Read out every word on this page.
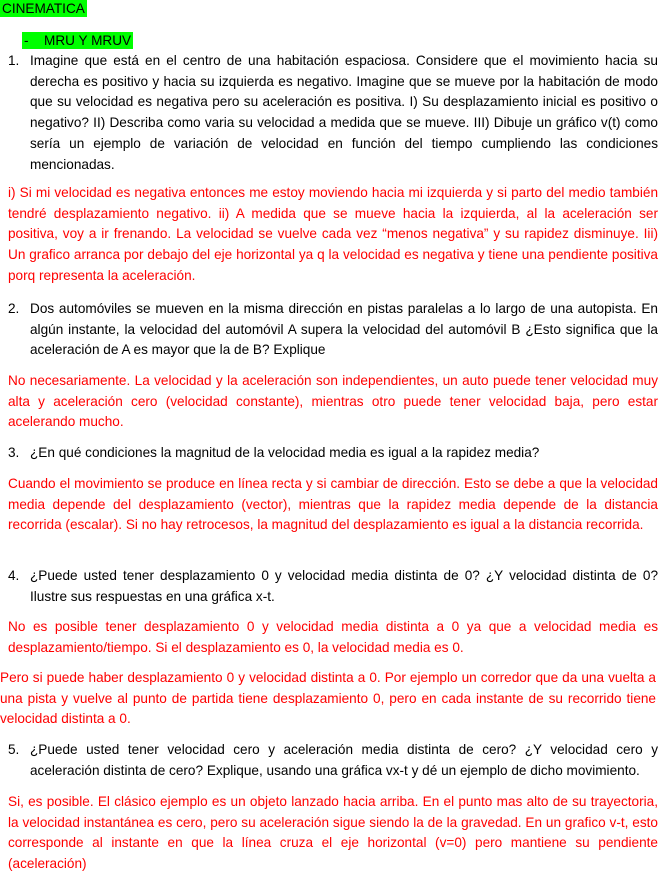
CINEMATICA
- MRU Y MRUV
1. Imagine que está en el centro de una habitación espaciosa. Considere que el movimiento hacia su derecha es positivo y hacia su izquierda es negativo. Imagine que se mueve por la habitación de modo que su velocidad es negativa pero su aceleración es positiva. I) Su desplazamiento inicial es positivo o negativo? II) Describa como varia su velocidad a medida que se mueve. III) Dibuje un gráfico v(t) como sería un ejemplo de variación de velocidad en función del tiempo cumpliendo las condiciones mencionadas.
i) Si mi velocidad es negativa entonces me estoy moviendo hacia mi izquierda y si parto del medio también tendré desplazamiento negativo. ii) A medida que se mueve hacia la izquierda, al la aceleración ser positiva, voy a ir frenando. La velocidad se vuelve cada vez “menos negativa” y su rapidez disminuye. Iii) Un grafico arranca por debajo del eje horizontal ya q la velocidad es negativa y tiene una pendiente positiva porq representa la aceleración.
2. Dos automóviles se mueven en la misma dirección en pistas paralelas a lo largo de una autopista. En algún instante, la velocidad del automóvil A supera la velocidad del automóvil B ¿Esto significa que la aceleración de A es mayor que la de B? Explique
No necesariamente. La velocidad y la aceleración son independientes, un auto puede tener velocidad muy alta y aceleración cero (velocidad constante), mientras otro puede tener velocidad baja, pero estar acelerando mucho.
3. ¿En qué condiciones la magnitud de la velocidad media es igual a la rapidez media?
Cuando el movimiento se produce en línea recta y si cambiar de dirección. Esto se debe a que la velocidad media depende del desplazamiento (vector), mientras que la rapidez media depende de la distancia recorrida (escalar). Si no hay retrocesos, la magnitud del desplazamiento es igual a la distancia recorrida.
4. ¿Puede usted tener desplazamiento 0 y velocidad media distinta de 0? ¿Y velocidad distinta de 0? Ilustre sus respuestas en una gráfica x-t.
No es posible tener desplazamiento 0 y velocidad media distinta a 0 ya que a velocidad media es desplazamiento/tiempo. Si el desplazamiento es 0, la velocidad media es 0.
Pero si puede haber desplazamiento 0 y velocidad distinta a 0. Por ejemplo un corredor que da una vuelta a una pista y vuelve al punto de partida tiene desplazamiento 0, pero en cada instante de su recorrido tiene velocidad distinta a 0.
5. ¿Puede usted tener velocidad cero y aceleración media distinta de cero? ¿Y velocidad cero y aceleración distinta de cero? Explique, usando una gráfica vx-t y dé un ejemplo de dicho movimiento.
Si, es posible. El clásico ejemplo es un objeto lanzado hacia arriba. En el punto mas alto de su trayectoria, la velocidad instantánea es cero, pero su aceleración sigue siendo la de la gravedad. En un grafico v-t, esto corresponde al instante en que la línea cruza el eje horizontal (v=0) pero mantiene su pendiente (aceleración)
